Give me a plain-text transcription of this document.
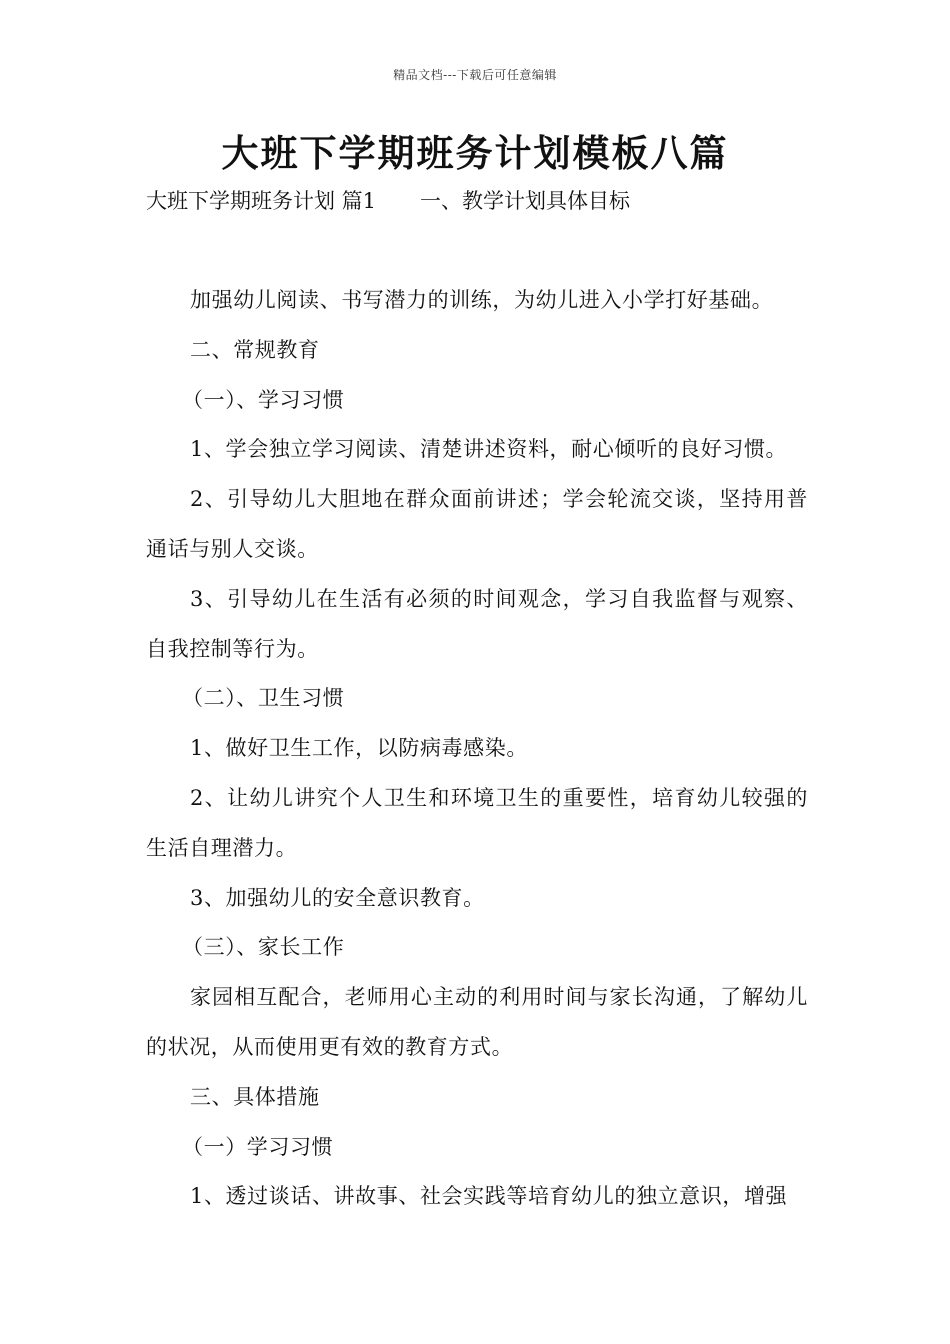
精品文档---下载后可任意编辑
大班下学期班务计划模板八篇
大班下学期班务计划 篇1 一、教学计划具体目标

加强幼儿阅读、书写潜力的训练，为幼儿进入小学打好基础。

二、常规教育

（一）、学习习惯

1、学会独立学习阅读、清楚讲述资料，耐心倾听的良好习惯。

2、引导幼儿大胆地在群众面前讲述；学会轮流交谈，坚持用普通话与别人交谈。

3、引导幼儿在生活有必须的时间观念，学习自我监督与观察、自我控制等行为。

（二）、卫生习惯

1、做好卫生工作，以防病毒感染。

2、让幼儿讲究个人卫生和环境卫生的重要性，培育幼儿较强的生活自理潜力。

3、加强幼儿的安全意识教育。

（三）、家长工作

家园相互配合，老师用心主动的利用时间与家长沟通，了解幼儿的状况，从而使用更有效的教育方式。

三、具体措施

（一）学习习惯

1、透过谈话、讲故事、社会实践等培育幼儿的独立意识，增强
